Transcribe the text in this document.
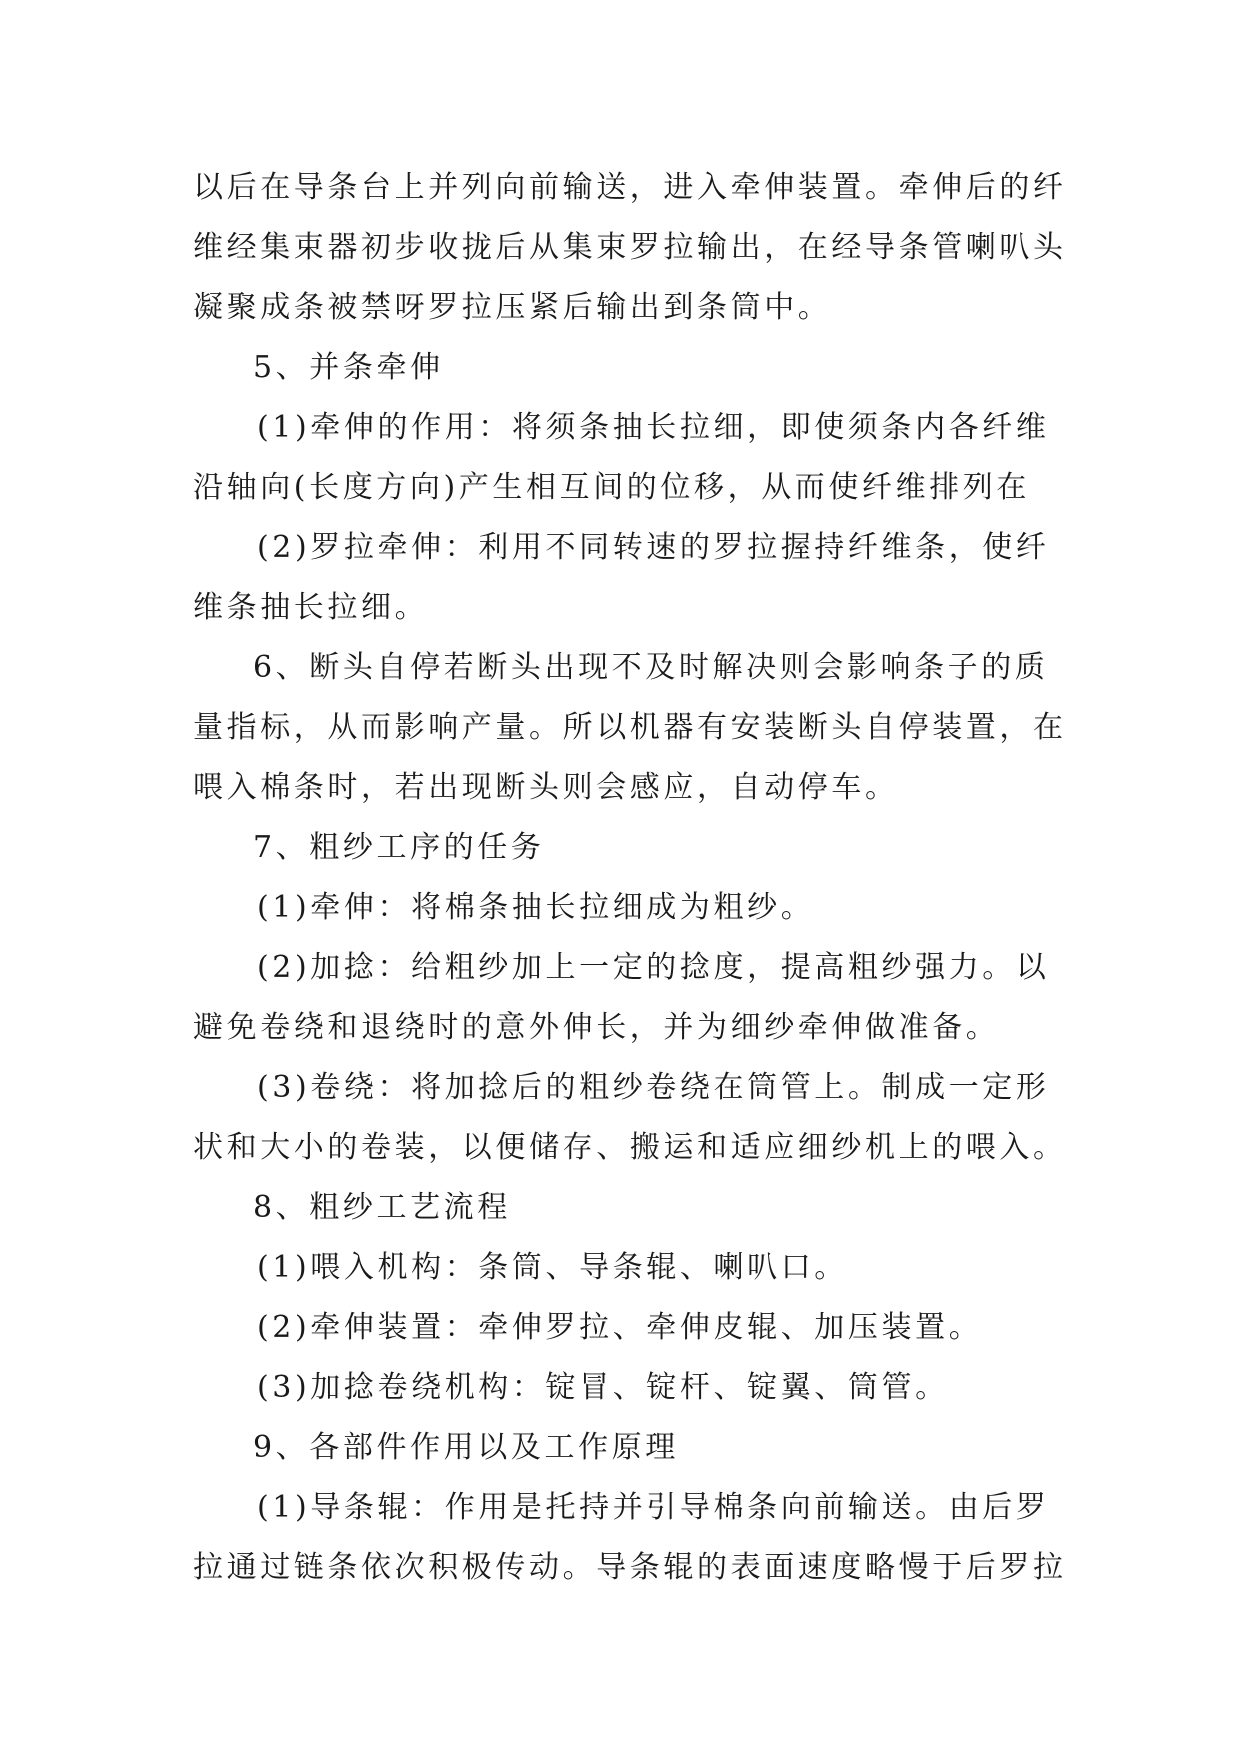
以后在导条台上并列向前输送，进入牵伸装置。牵伸后的纤
维经集束器初步收拢后从集束罗拉输出，在经导条管喇叭头
凝聚成条被禁呀罗拉压紧后输出到条筒中。
5、并条牵伸
(1)牵伸的作用：将须条抽长拉细，即使须条内各纤维
沿轴向(长度方向)产生相互间的位移，从而使纤维排列在
(2)罗拉牵伸：利用不同转速的罗拉握持纤维条，使纤
维条抽长拉细。
6、断头自停若断头出现不及时解决则会影响条子的质
量指标，从而影响产量。所以机器有安装断头自停装置，在
喂入棉条时，若出现断头则会感应，自动停车。
7、粗纱工序的任务
(1)牵伸：将棉条抽长拉细成为粗纱。
(2)加捻：给粗纱加上一定的捻度，提高粗纱强力。以
避免卷绕和退绕时的意外伸长，并为细纱牵伸做准备。
(3)卷绕：将加捻后的粗纱卷绕在筒管上。制成一定形
状和大小的卷装，以便储存、搬运和适应细纱机上的喂入。
8、粗纱工艺流程
(1)喂入机构：条筒、导条辊、喇叭口。
(2)牵伸装置：牵伸罗拉、牵伸皮辊、加压装置。
(3)加捻卷绕机构：锭冒、锭杆、锭翼、筒管。
9、各部件作用以及工作原理
(1)导条辊：作用是托持并引导棉条向前输送。由后罗
拉通过链条依次积极传动。导条辊的表面速度略慢于后罗拉
